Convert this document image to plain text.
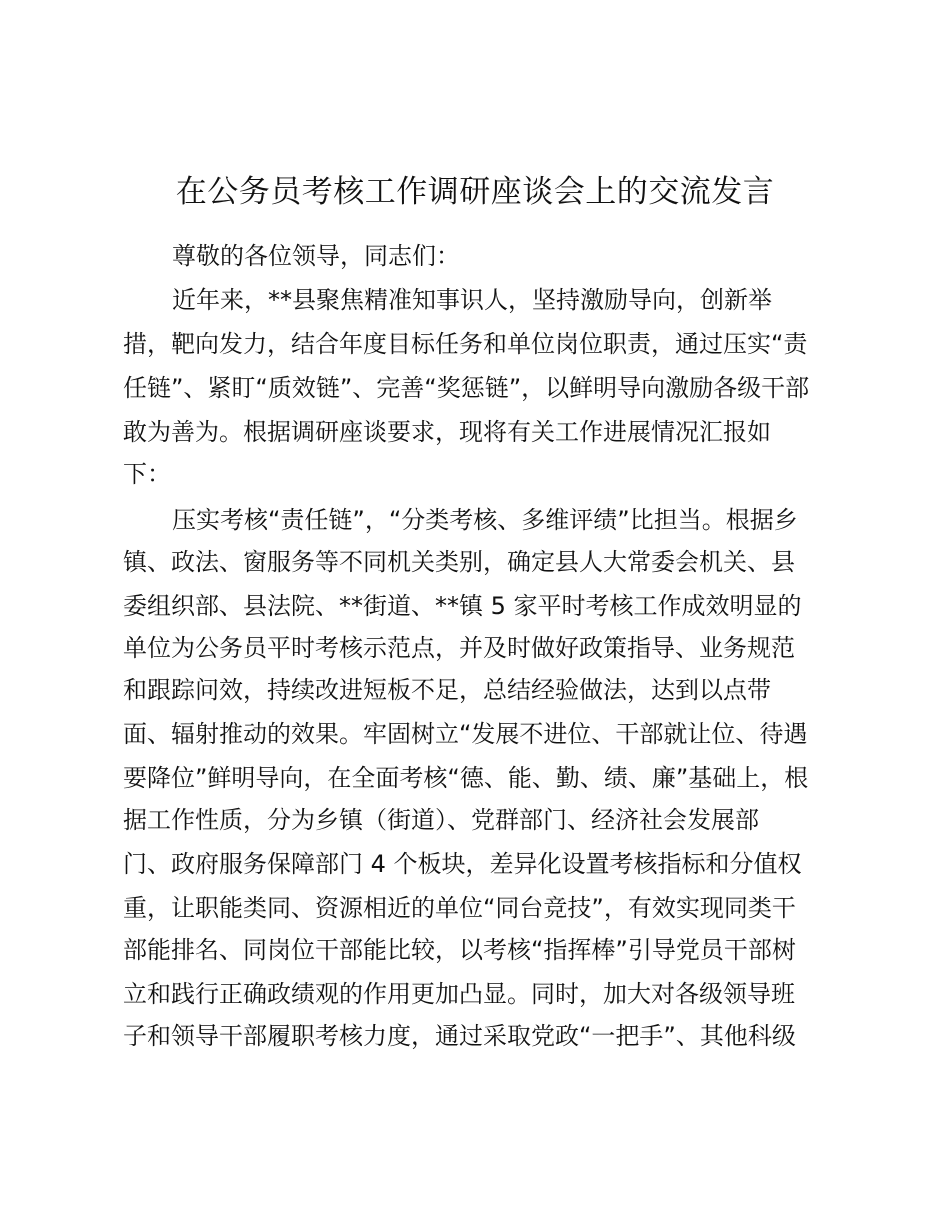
在公务员考核工作调研座谈会上的交流发言
尊敬的各位领导，同志们：
近年来，**县聚焦精准知事识人，坚持激励导向，创新举
措，靶向发力，结合年度目标任务和单位岗位职责，通过压实“责
任链”、紧盯“质效链”、完善“奖惩链”，以鲜明导向激励各级干部
敢为善为。根据调研座谈要求，现将有关工作进展情况汇报如
下：
压实考核“责任链”，“分类考核、多维评绩”比担当。根据乡
镇、政法、窗服务等不同机关类别，确定县人大常委会机关、县
委组织部、县法院、**街道、**镇 5 家平时考核工作成效明显的
单位为公务员平时考核示范点，并及时做好政策指导、业务规范
和跟踪问效，持续改进短板不足，总结经验做法，达到以点带
面、辐射推动的效果。牢固树立“发展不进位、干部就让位、待遇
要降位”鲜明导向，在全面考核“德、能、勤、绩、廉”基础上，根
据工作性质，分为乡镇（街道）、党群部门、经济社会发展部
门、政府服务保障部门 4 个板块，差异化设置考核指标和分值权
重，让职能类同、资源相近的单位“同台竞技”，有效实现同类干
部能排名、同岗位干部能比较，以考核“指挥棒”引导党员干部树
立和践行正确政绩观的作用更加凸显。同时，加大对各级领导班
子和领导干部履职考核力度，通过采取党政“一把手”、其他科级
